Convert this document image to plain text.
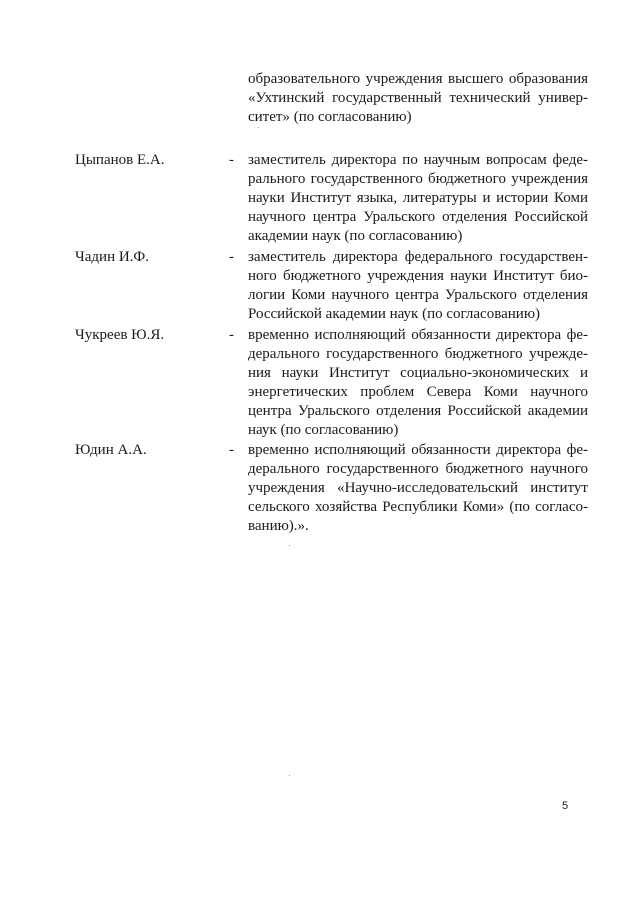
образовательного учреждения высшего образования
«Ухтинский государственный технический универ-
ситет» (по согласованию)
Цыпанов Е.А.	- заместитель директора по научным вопросам феде-
рального государственного бюджетного учреждения
науки Институт языка, литературы и истории Коми
научного центра Уральского отделения Российской
академии наук (по согласованию)
Чадин И.Ф.	- заместитель директора федерального государствен-
ного бюджетного учреждения науки Институт био-
логии Коми научного центра Уральского отделения
Российской академии наук (по согласованию)
Чукреев Ю.Я.	- временно исполняющий обязанности директора фе-
дерального государственного бюджетного учрежде-
ния науки Институт социально-экономических и
энергетических проблем Севера Коми научного
центра Уральского отделения Российской академии
наук (по согласованию)
Юдин А.А.	- временно исполняющий обязанности директора фе-
дерального государственного бюджетного научного
учреждения «Научно-исследовательский институт
сельского хозяйства Республики Коми» (по согласо-
ванию).».
5
